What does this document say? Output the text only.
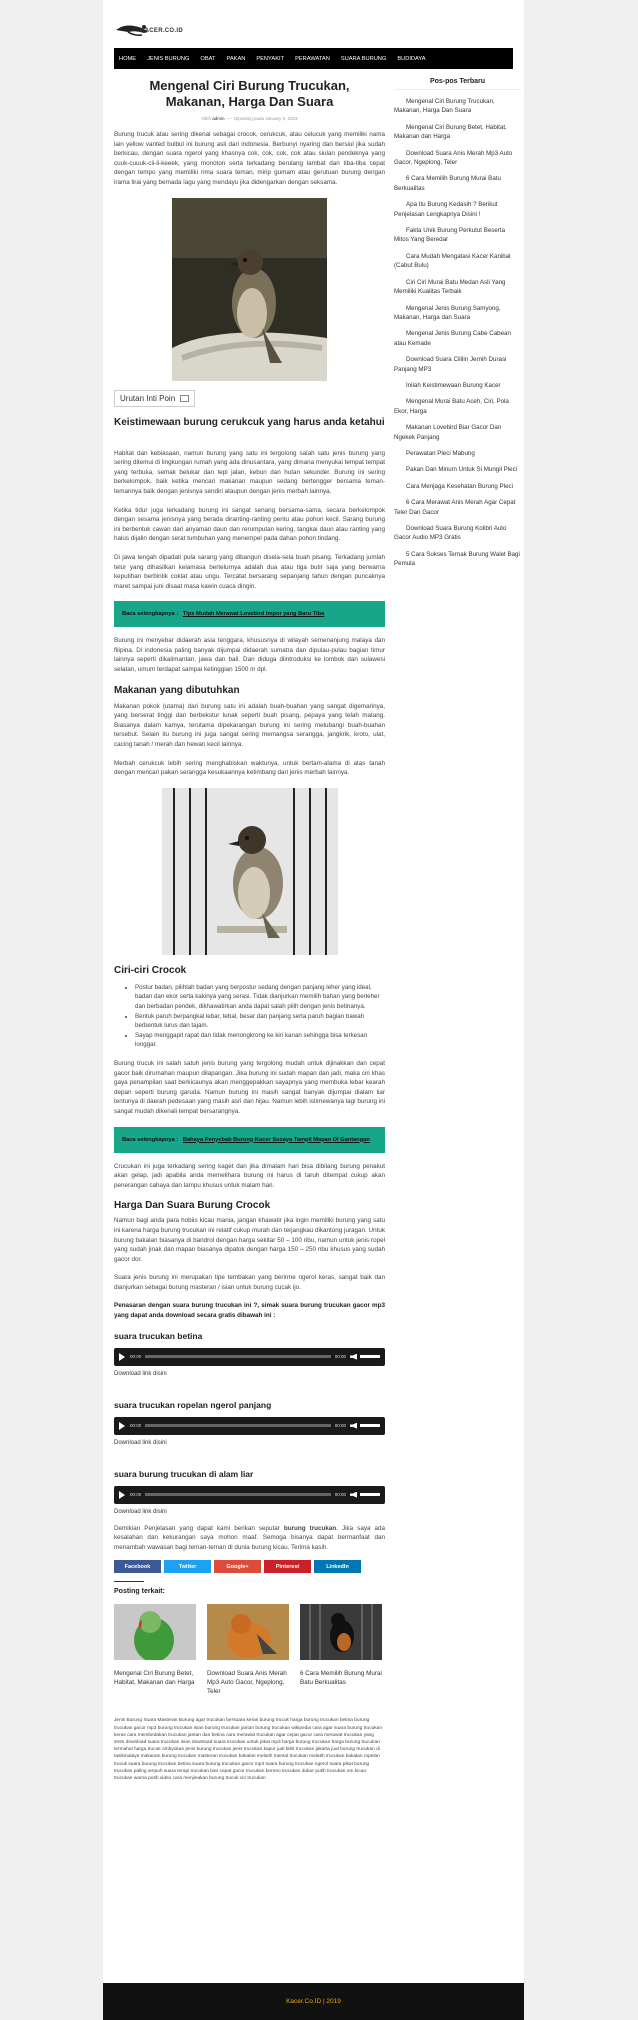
KACER.CO.ID
HOME JENIS BURUNG OBAT PAKAN PENYAKIT PERAWATAN SUARA BURUNG BUDIDAYA
Mengenal Ciri Burung Trucukan, Makanan, Harga Dan Suara
Oleh admin  —  Diposting pada January 9, 2023

Burung trucuk atau sering dikenal sebagai crocok, cerukcuk, atau celucuk yang memiliki nama lain yellow vanted bulbul ini burung asli dari indonesia. Berbunyi nyaring dan bersiul jika sudah berkicau, dengan suara ngerol yang khasnya cok, cok, cok, cok atau siulan pendeknya yang cuuk-cuuuk-cii-li-keeek, yang monoton serta terkadang berulang lambat dan tiba-tiba cepat dengan tempo yang memiliki rima suara teman, mirip gumam atau gerutuan burung dengan irama lirai yang bernada lagu yang mendayu jika didengarkan dengan seksama.

Urutan Inti Poin
Keistimewaan burung cerukcuk yang harus anda ketahui

Habitat dan kebiasaan, namun burung yang satu ini tergolong salah satu jenis burung yang sering ditemui di lingkungan rumah yang ada dinusantara, yang dimana menyukai tempat tempat yang terbuka, semak belukar dan tepi jalan, kebun dan hutan sekunder. Burung ini sering berkelompok, baik ketika mencari makanan maupun sedang bertengger bersama teman-temannya baik dengan jenisnya sendiri ataupun dengan jenis merbah lainnya.

Ketika tidur juga terkadang burung ini sangat senang bersama-sama, secara berkelompok dengan sesama jenisnya yang berada diranting-ranting pentu atau pohon kecil. Sarang burung ini berbentuk cawan dari anyaman daun dan rerumputan kering, tangkai daun atau ranting yang halus dijalin dengan serat tumbuhan yang menempel pada dahan pohon tindang.

Di jawa tengah dipadati pula sarang yang dibangun disela-sela buah pisang. Terkadang jumlah telur yang dihasilkan kelamasa bertelurnya adalah dua atau tiga butir saja yang berwarna keputihan berbintik coklat atau ungu. Tercatat bersarang sepanjang tahun dengan puncaknya maret sampai juni disaat masa kawin cuaca dingin.

Baca selengkapnya : Tips Mudah Merawat Lovebird Impor yang Baru Tiba

Burung ini menyebar didaerah asia tenggara, khususnya di wilayah semenanjung malaya dan filipina. Di indonesia paling banyak dijumpai didaerah sumatra dan dipulau-pulau bagian timur lainnya seperti dikalimantan, jawa dan bali. Dan diduga diintroduksi ke lombok dan sulawesi selatan, umum terdapat sampai ketinggian 1500 m dpl.

Makanan yang dibutuhkan

Makanan pokok (utama) dari burung satu ini adalah buah-buahan yang sangat digemarinya, yang berserat tinggi dan berbekstur lunak seperti buah pisang, pepaya yang telah matang. Biasanya dalam kamya, terutama dipekarangan burung ini sering melubangi buah-buahan tersebut. Selain itu burung ini juga sangat sering memangsa serangga, jangkrik, kroto, ulat, cacing tanah / merah dan hewan kecil lainnya.

Merbah cerukcuk lebih sering menghabiskan waktunya, untuk bertam-alama di atas tanah dengan mencari pakan serangga kesukaannya ketimbang dari jenis merbah lainnya.

Ciri-ciri Crocok
• Postur badan, pilihlah badan yang berpostur sedang dengan panjang leher yang ideal, badan dan ekor serta kakinya yang serasi. Tidak dianjurkan memilih bahan yang berleher dan berbadan pendek, dikhawatirkan anda dapat salah pilih dengan jenis betinanya.
• Bentuk paruh berpangkal lebar, tebal, besar dan panjang serta paruh bagian bawah berbentuk lurus dan tajam.
• Sayap menggapit rapat dan tidak menongkrong ke kiri kanan sehingga bisa terkesan longgar.

Burung trucuk ini salah satuh jenis burung yang tergolong mudah untuk dijinakkan dan cepat gacor baik dirumahan maupun dilapangan. Jika burung ini sudah mapan dan jadi, maka ciri khas gaya penampilan saat berkicaunya akan menggepakkan sayapnya yang membuka lebar kearah depan seperti burung garuda. Namun burung ini masih sangat banyak dijumpai dialam liar tentunya di daerah pedesaan yang masih asri dan hijau. Namun lebih istimewanya lagi burung ini sangat mudah dikenali tempat bersarangnya.

Baca selengkapnya : Bahaya Penyebab Burung Kacer Susaya Tampil Mapan Di Gantangan

Crucukan ini juga terkadang sering kaget dan jika dimalam hari bisa dibilang burung penakut akan gelap, jadi apabila anda memelihara burung ini harus di taruh ditempat cukup akan penerangan cahaya dan lampu khusus untuk malam hari.

Harga Dan Suara Burung Crocok

Namun bagi anda para hobiis kicau mania, jangan khawatir jika ingin memiliki burung yang satu ini karena harga burung trucukan ini relatif cukup murah dan terjangkau dikantong juragan. Untuk burung bakalan biasanya di bandrol dengan harga sekitar 50 – 100 ribu, namun untuk jenis ropel yang sudah jinak dan mapan biasanya dipatok dengan harga 150 – 250 ribu khusus yang sudah gacor dor.

Suara jenis burung ini merupakan tipe tembakan yang berirme ngerol keras, sangat baik dan dianjurkan sebagai burung masteran / isian untuk burung cucak ijo.

Penasaran dengan suara burung trucukan ini ?, simak suara burung trucukan gacor mp3 yang dapat anda download secara gratis dibawah ini :

suara trucukan betina
00:00	00:00
Download link disini
suara trucukan ropelan ngerol panjang
00:00	00:00
Download link disini
suara burung trucukan di alam liar
00:00	00:00
Download link disini

Demikian Penjelasan yang dapat kami berikan seputar burung trucukan. Jika saya ada kesalahan dan kekurangan saya mohon maaf. Semoga bisanya dapat bermanfaat dan menambah wawasan bagi teman-teman di dunia burung kicau. Terima kasih.

Facebook	Twitter	Google+	Pinterest	LinkedIn
Posting terkait:
Mengenal Ciri Burung Betet, Habitat, Makanan dan Harga
Download Suara Anis Merah Mp3 Auto Gacor, Ngeplong, Teler
6 Cara Memilih Burung Murai Batu Berkualitas
Jenis Burung Suara Masteran Burung agar trucukan bersuara keras burung trucuk harga burung trucukan betina burung trucukan gacor mp3 burung trucukan isian burung trucukan jantan burung trucukan wikipedia cara agar suara burung trucukan keras cara membedakan trucukan jantan dan betina cara merawat trucukan agar cepat gacor cara merawat trucukan yang stres download suara trucukan isian download suara trucukan untuk pikat mp3 harga burung trucukan harga burung trucukan termahal harga trucuk ombyokan jenis burung trucukan jenis trucukan kapur jual bibit trucukan jakarta jual burung trucukan di tasikmalaya makanan burung trucukan masteran trucukan bakalan melatih mental trucukan melatih trucukan bakalan ropelan trucuk suara burung trucukan betina suara burung trucukan gacor mp3 suara burung trucukan ngerol suara pikat burung trucukan paling ampuh suara terapi trucukan biar cepat gacor trucukan borneo trucukan dubur putih trucukan om kicau trucukan warna putih video cara menjinakan burung trucuk ciri trucukan
Pos-pos Terbaru
Mengenal Ciri Burung Trucukan, Makanan, Harga Dan Suara
Mengenal Ciri Burung Betet, Habitat, Makanan dan Harga
Download Suara Anis Merah Mp3 Auto Gacor, Ngeplong, Teler
6 Cara Memilih Burung Murai Batu Berkualitas
Apa Itu Burung Kedasih ? Berikut Penjelasan Lengkapnya Disini !
Fakta Unik Burung Perkutut Beserta Mitos Yang Beredar
Cara Mudah Mengatasi Kacer Kanibal (Cabut Bulu)
Ciri Ciri Murai Batu Medan Asli Yang Memiliki Kualitas Terbaik
Mengenal Jenis Burung Samyong, Makanan, Harga dan Suara
Mengenal Jenis Burung Cabe Cabean atau Kemade
Download Suara Cililin Jernih Durasi Panjang MP3
Inilah Keistimewaan Burung Kacer
Mengenal Murai Batu Aceh, Ciri, Pola Ekor, Harga
Makanan Lovebird Biar Gacor Dan Ngekek Panjang
Perawatan Pleci Mabung
Pakan Dan Minum Untuk Si Mungil Pleci
Cara Menjaga Kesehatan Burung Pleci
6 Cara Merawat Anis Merah Agar Cepat Teler Dan Gacor
Download Suara Burung Kolibri Auto Gacor Audio MP3 Gratis
5 Cara Sukses Ternak Burung Walet Bagi Pemula
Kacer.Co.ID | 2019
